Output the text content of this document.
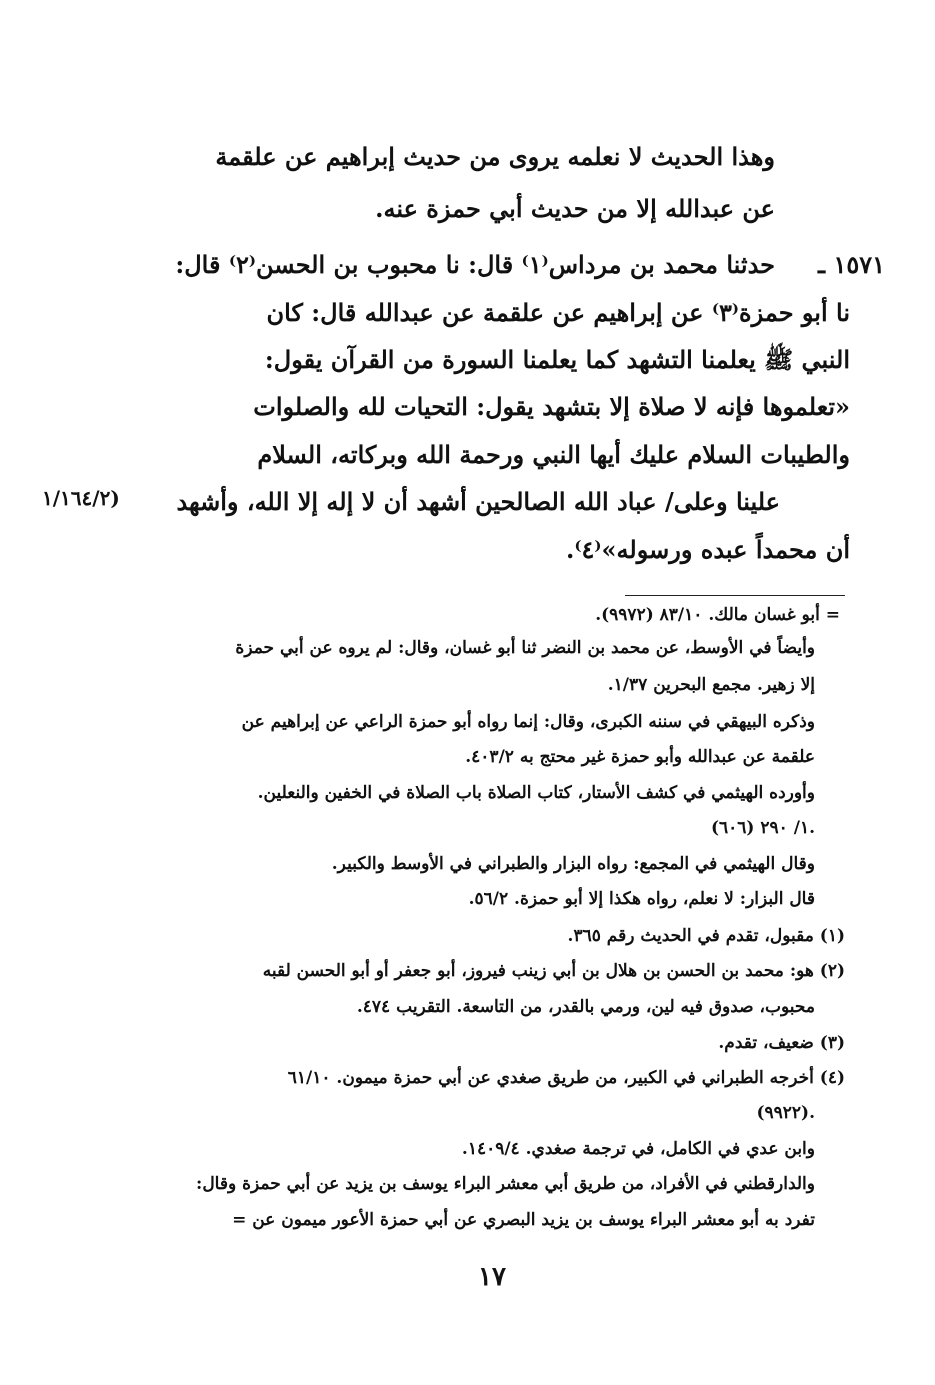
وهذا الحديث لا نعلمه يروى من حديث إبراهيم عن علقمة
عن عبدالله إلا من حديث أبي حمزة عنه.
١٥٧١ ـ
حدثنا محمد بن مرداس⁽١⁾ قال: نا محبوب بن الحسن⁽٢⁾ قال:
نا أبو حمزة⁽٣⁾ عن إبراهيم عن علقمة عن عبدالله قال: كان
النبي ﷺ يعلمنا التشهد كما يعلمنا السورة من القرآن يقول:
«تعلموها فإنه لا صلاة إلا بتشهد يقول: التحيات لله والصلوات
والطيبات السلام عليك أيها النبي ورحمة الله وبركاته، السلام
علينا وعلى/ عباد الله الصالحين أشهد أن لا إله إلا الله، وأشهد
أن محمداً عبده ورسوله»⁽٤⁾.
(١/١٦٤/٢
= أبو غسان مالك. ٨٣/١٠ (٩٩٧٢).
وأيضاً في الأوسط، عن محمد بن النضر ثنا أبو غسان، وقال: لم يروه عن أبي حمزة
إلا زهير. مجمع البحرين ١/٣٧.
وذكره البيهقي في سننه الكبرى، وقال: إنما رواه أبو حمزة الراعي عن إبراهيم عن
علقمة عن عبدالله وأبو حمزة غير محتج به ٤٠٣/٢.
وأورده الهيثمي في كشف الأستار، كتاب الصلاة باب الصلاة في الخفين والنعلين.
١/ ٢٩٠ (٦٠٦).
وقال الهيثمي في المجمع: رواه البزار والطبراني في الأوسط والكبير.
قال البزار: لا نعلم، رواه هكذا إلا أبو حمزة. ٥٦/٢.
(١) مقبول، تقدم في الحديث رقم ٣٦٥.
(٢) هو: محمد بن الحسن بن هلال بن أبي زينب فيروز، أبو جعفر أو أبو الحسن لقبه
محبوب، صدوق فيه لين، ورمي بالقدر، من التاسعة. التقريب ٤٧٤.
(٣) ضعيف، تقدم.
(٤) أخرجه الطبراني في الكبير، من طريق صغدي عن أبي حمزة ميمون. ٦١/١٠
(٩٩٢٢).
وابن عدي في الكامل، في ترجمة صغدي. ١٤٠٩/٤.
والدارقطني في الأفراد، من طريق أبي معشر البراء يوسف بن يزيد عن أبي حمزة وقال:
تفرد به أبو معشر البراء يوسف بن يزيد البصري عن أبي حمزة الأعور ميمون عن =
١٧
